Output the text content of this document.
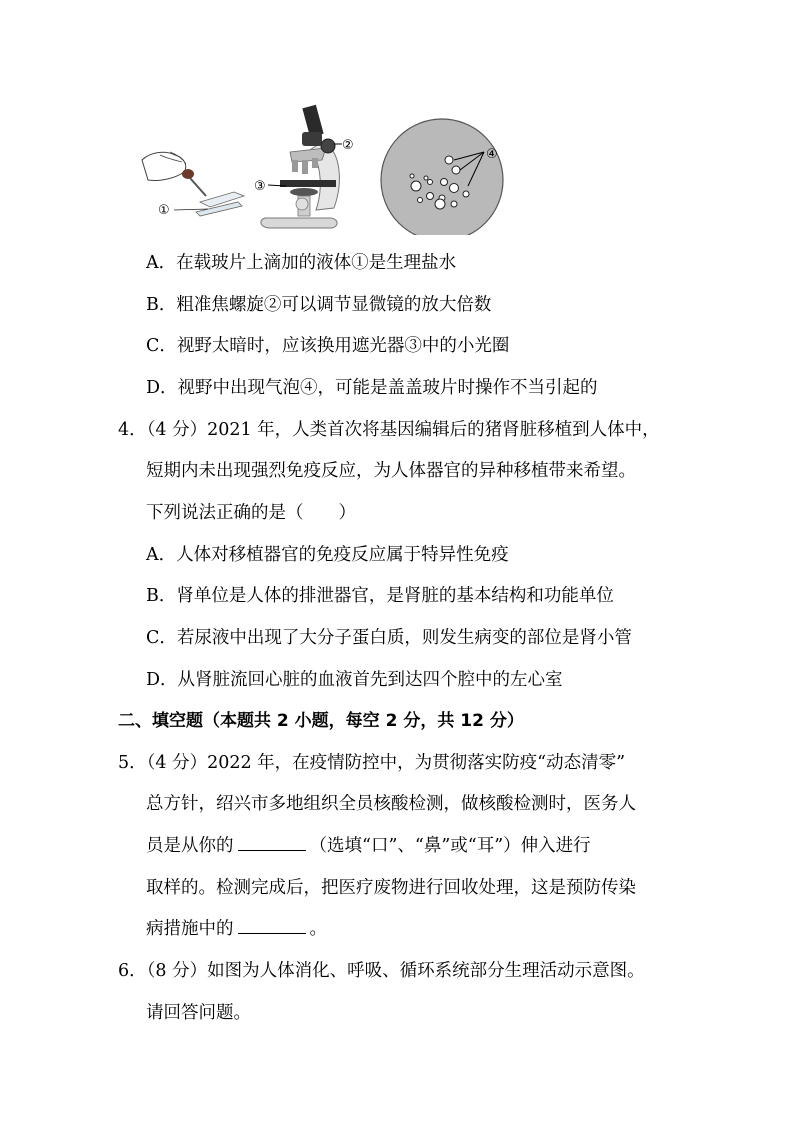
①
②
③
④
A．在载玻片上滴加的液体①是生理盐水
B．粗准焦螺旋②可以调节显微镜的放大倍数
C．视野太暗时，应该换用遮光器③中的小光圈
D．视野中出现气泡④，可能是盖盖玻片时操作不当引起的
4．（4 分）2021 年，人类首次将基因编辑后的猪肾脏移植到人体中，
短期内未出现强烈免疫反应，为人体器官的异种移植带来希望。
下列说法正确的是（　　）
A．人体对移植器官的免疫反应属于特异性免疫
B．肾单位是人体的排泄器官，是肾脏的基本结构和功能单位
C．若尿液中出现了大分子蛋白质，则发生病变的部位是肾小管
D．从肾脏流回心脏的血液首先到达四个腔中的左心室
二、填空题（本题共 2 小题，每空 2 分，共 12 分）
5．（4 分）2022 年，在疫情防控中，为贯彻落实防疫“动态清零”
总方针，绍兴市多地组织全员核酸检测，做核酸检测时，医务人
员是从你的	（选填“口”、“鼻”或“耳”）伸入进行
取样的。检测完成后，把医疗废物进行回收处理，这是预防传染
病措施中的	。
6．（8 分）如图为人体消化、呼吸、循环系统部分生理活动示意图。
请回答问题。
